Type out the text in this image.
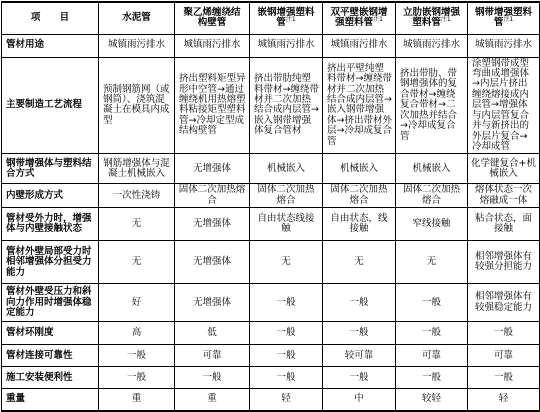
项 目	水泥管	聚乙烯缠绕结构壁管	嵌钢增强塑料管$^{注1}$	双平壁嵌钢增强塑料管$^{注1}$	立肋嵌钢增强塑料管$^{注1}$	钢带增强塑料管$^{注1}$
管材用途	城镇雨污排水	城镇雨污排水	城镇雨污排水	城镇雨污排水	城镇雨污排水	城镇雨污排水
主要制造工艺流程	预制钢筋网（或钢筒）、浇筑混凝土在模具内成型	挤出塑料矩型异形中空管→通过缠绕机用热熔塑料粘接矩型塑料管→冷却定型成结构壁管	挤出带肋纯塑料带材→缠绕带材并二次加热结合成内层管→嵌入钢带增强体复合管材	挤出平壁纯塑料带材→缠绕带材并二次加热结合成内层管→嵌入钢带增强体→挤出带材外层→冷却成复合管	挤出带肋、带钢增强体的复合带材→缠绕复合带材→二次加热并结合→冷却成复合管	涂塑钢带成型弯曲成增强体→内层片挤出缠绕熔接成内层管→增强体与内层管复合并与新挤出的外层片复合→冷却成管
钢带增强体与塑料结合方式	钢筋增强体与混凝土机械嵌入	无增强体	机械嵌入	机械嵌入	机械嵌入	化学键复合+机械嵌入
内壁形成方式	一次性浇铸	固体二次加热熔合	固体二次加热熔合	固体二次加热熔合	固体二次加热熔合	熔体状态一次熔融成一体
管材受外力时，增强体与内壁接触状态	无	无增强体	自由状态线接触	自由状态，线接触	窄线接触	粘合状态，面接触
管材外壁局部受力时相邻增强体分担受力能力	无	无增强体	无	无	无	相邻增强体有较强分担能力
管材外壁受压力和斜向力作用时增强体稳定能力	好	无增强体	一般	一般	一般	相邻增强体有较强稳定能力
管材环刚度	高	低	一般	一般	一般	一般
管材连接可靠性	一般	可靠	一般	较可靠	可靠	可靠
施工安装便利性	一般	一般	一般	一般	一般	一般
重量	重	重	轻	中	较轻	轻
